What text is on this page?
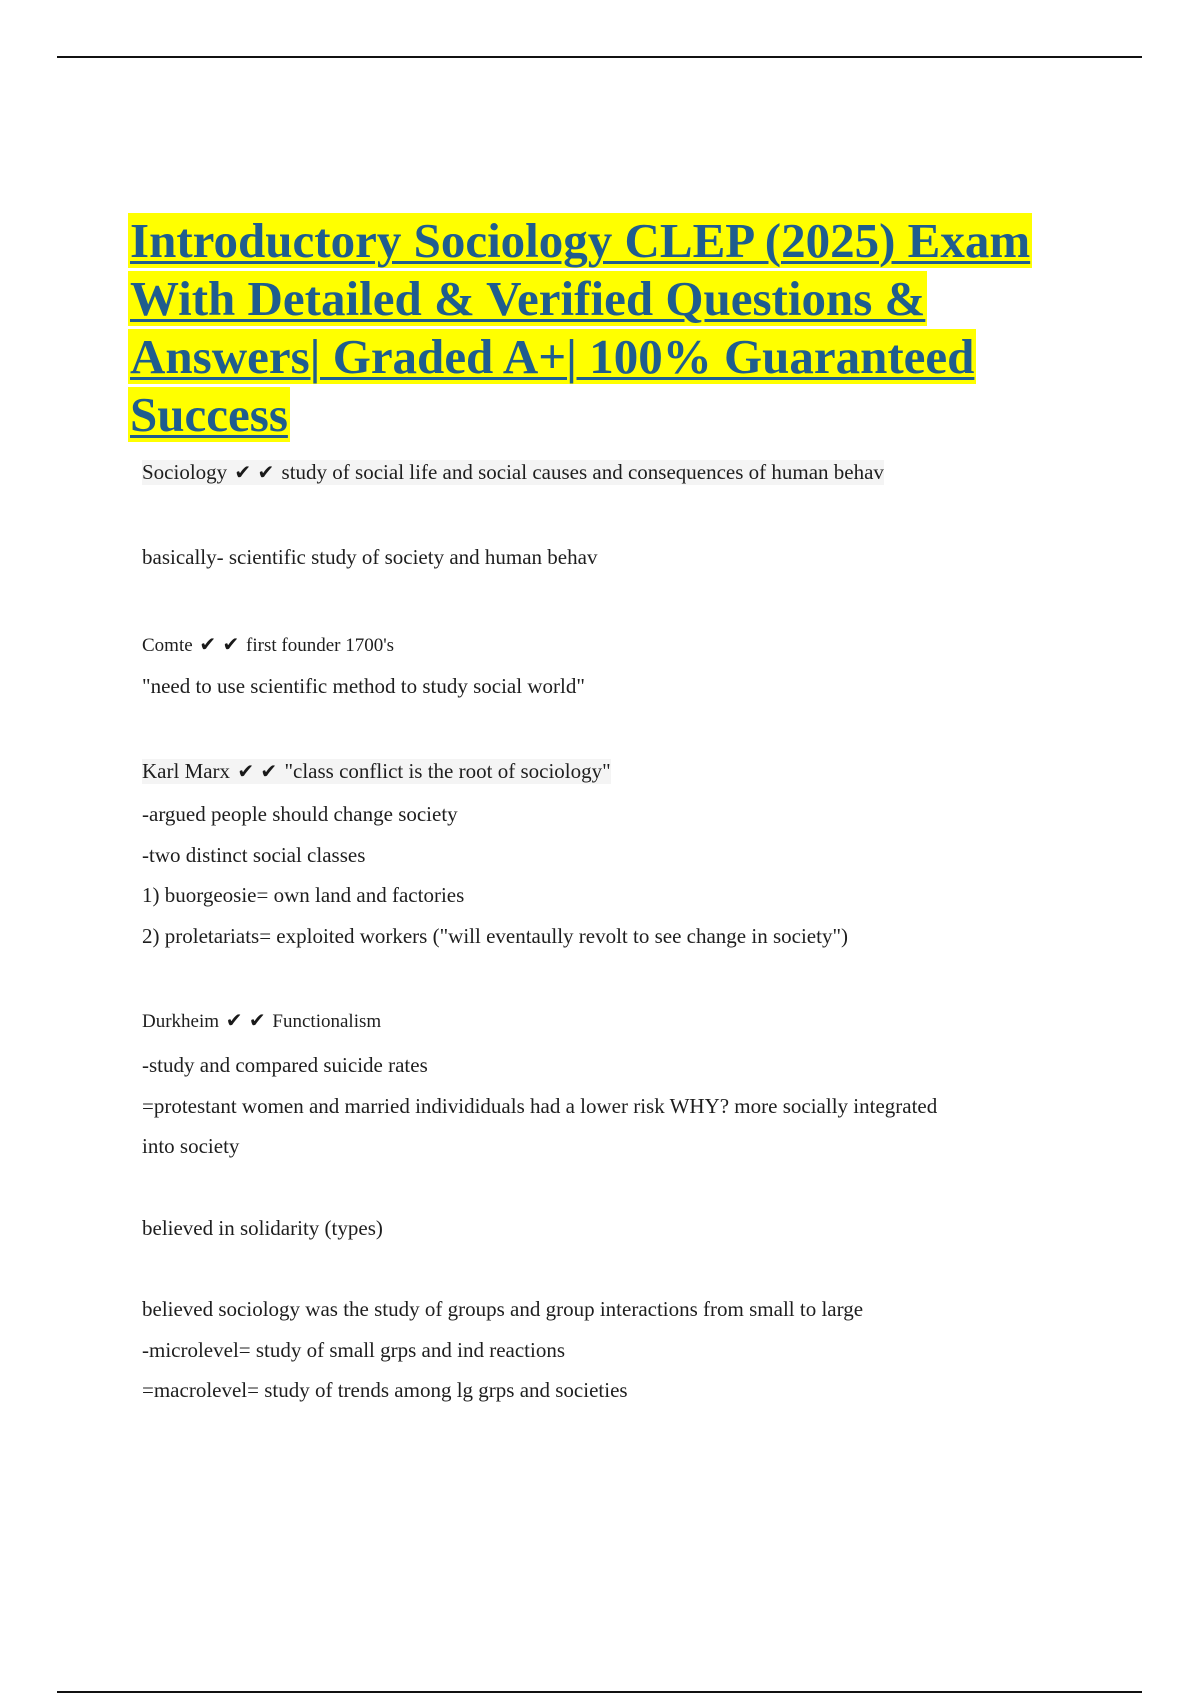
Introductory Sociology CLEP (2025) Exam
With Detailed & Verified Questions &
Answers| Graded A+| 100% Guaranteed
Success
Sociology ✔ ✔ study of social life and social causes and consequences of human behav
basically- scientific study of society and human behav
Comte ✔ ✔ first founder 1700's
"need to use scientific method to study social world"
Karl Marx ✔ ✔ "class conflict is the root of sociology"
-argued people should change society
-two distinct social classes
1) buorgeosie= own land and factories
2) proletariats= exploited workers ("will eventaully revolt to see change in society")
Durkheim ✔ ✔ Functionalism
-study and compared suicide rates
=protestant women and married individiduals had a lower risk WHY? more socially integrated
into society
believed in solidarity (types)
believed sociology was the study of groups and group interactions from small to large
-microlevel= study of small grps and ind reactions
=macrolevel= study of trends among lg grps and societies
